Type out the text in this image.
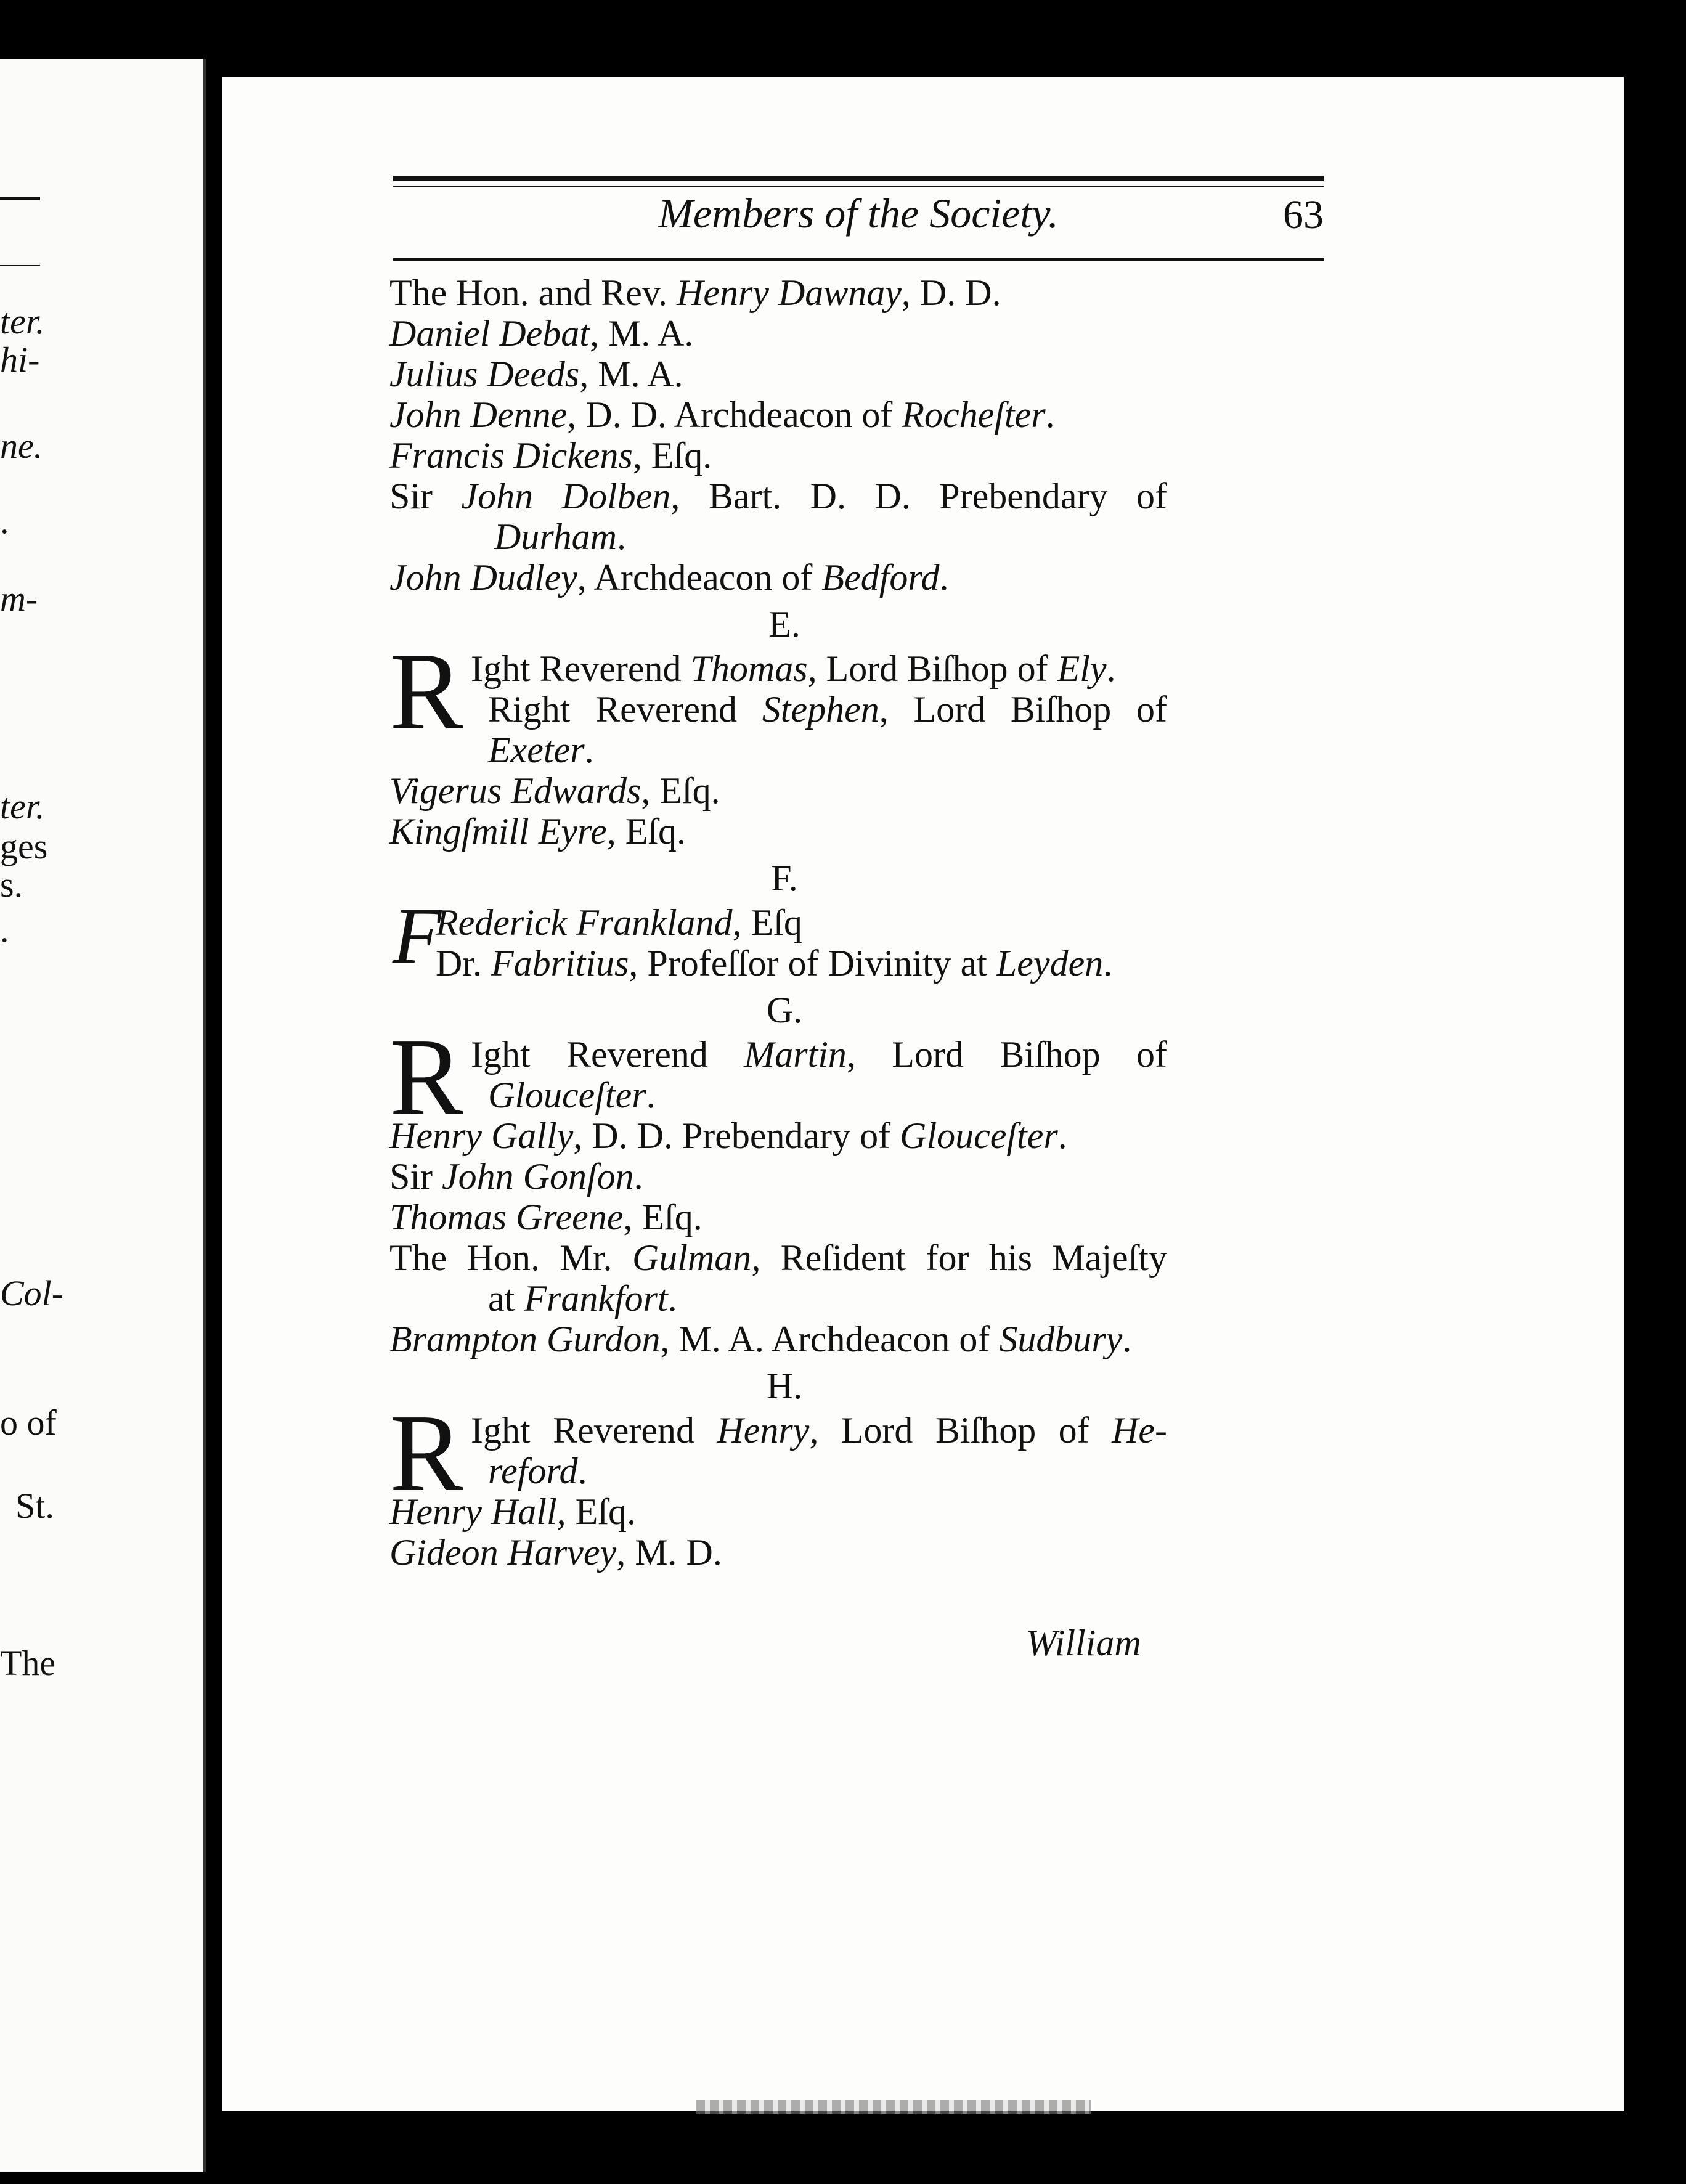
ter.
hi-
ne.
.
m-
ter.
ges
s.
.
Col-
o of
St.
The
Members of the Society.	63
The Hon. and Rev. Henry Dawnay, D. D.
Daniel Debat, M. A.
Julius Deeds, M. A.
John Denne, D. D. Archdeacon of Rocheſter.
Francis Dickens, Eſq.
Sir John Dolben, Bart. D. D. Prebendary of
Durham.
John Dudley, Archdeacon of Bedford.
E.
R Ight Reverend Thomas, Lord Biſhop of Ely.
Right Reverend Stephen, Lord Biſhop of
Exeter.
Vigerus Edwards, Eſq.
Kingſmill Eyre, Eſq.
F.
F
Rederick Frankland, Eſq
Dr. Fabritius, Profeſſor of Divinity at Leyden.
G.
R Ight Reverend Martin, Lord Biſhop of
Glouceſter.
Henry Gally, D. D. Prebendary of Glouceſter.
Sir John Gonſon.
Thomas Greene, Eſq.
The Hon. Mr. Gulman, Reſident for his Majeſty
at Frankfort.
Brampton Gurdon, M. A. Archdeacon of Sudbury.
H.
R Ight Reverend Henry, Lord Biſhop of He-
reford.
Henry Hall, Eſq.
Gideon Harvey, M. D.
William
